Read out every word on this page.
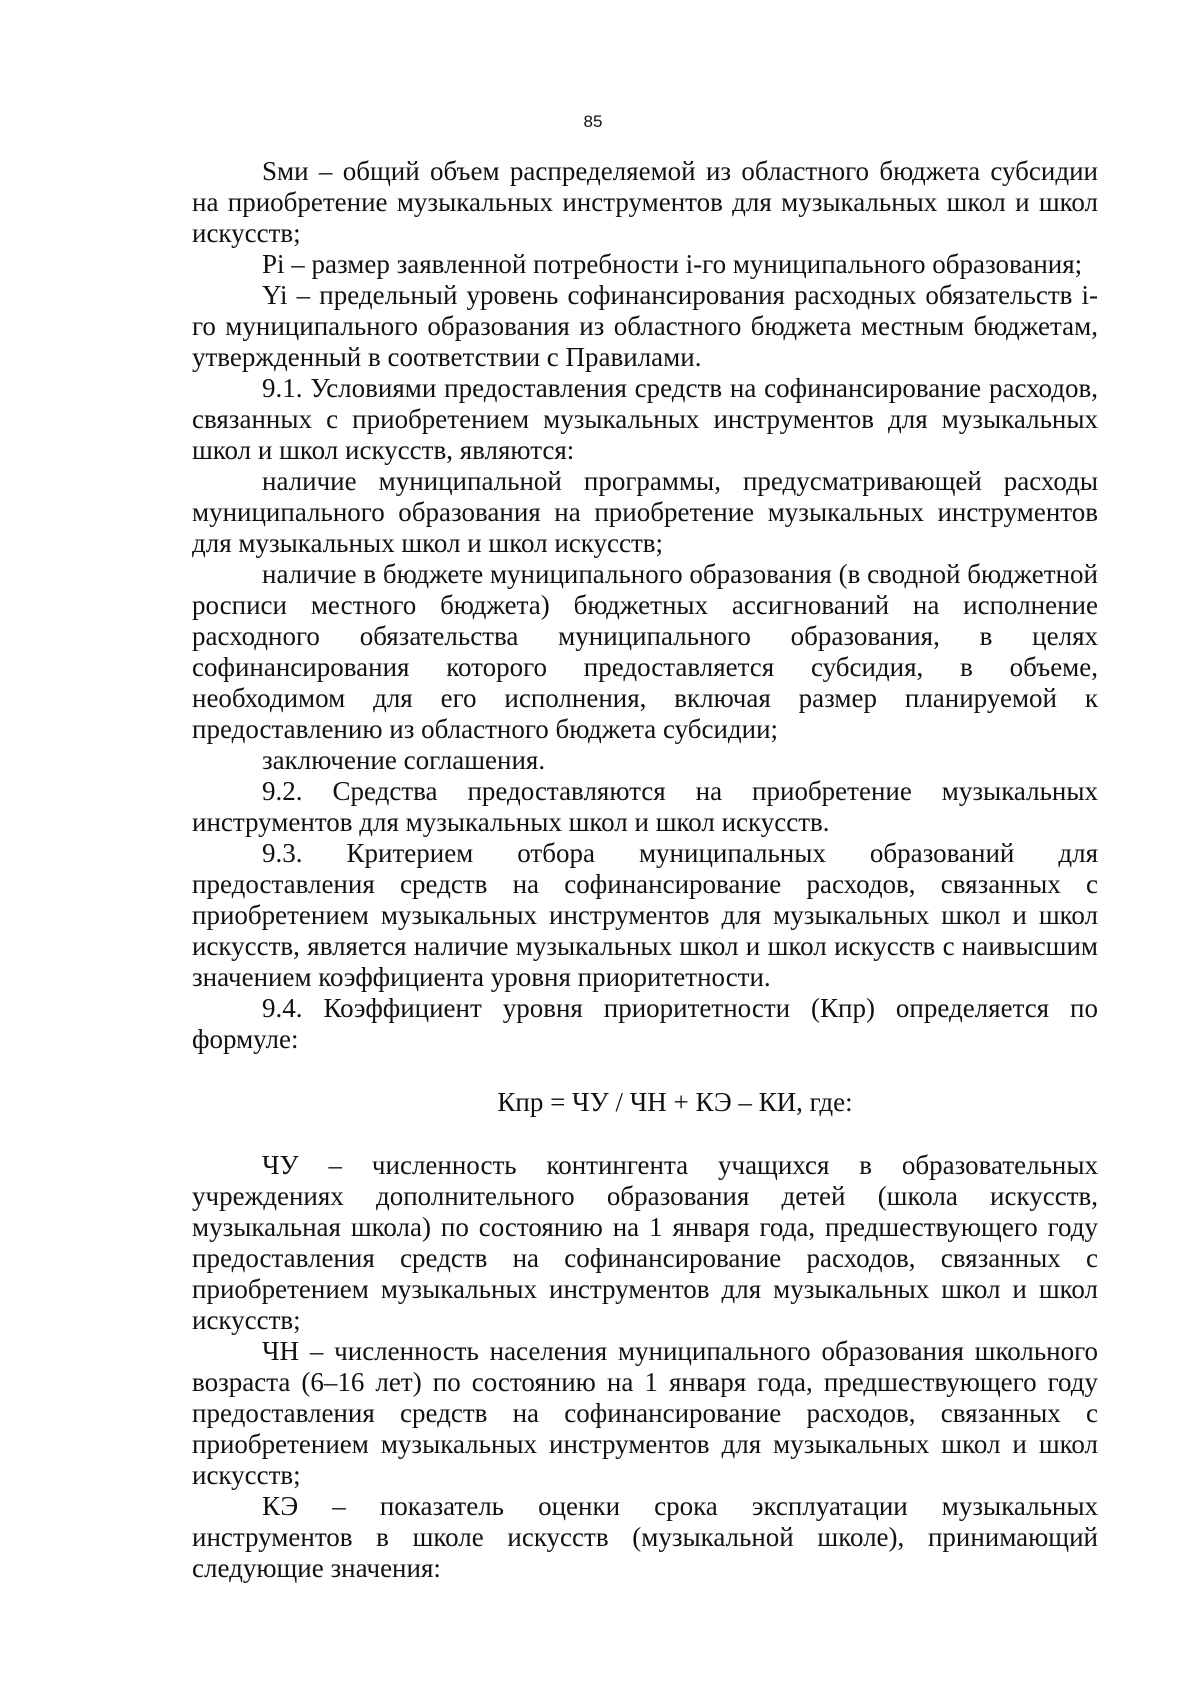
85

Sми – общий объем распределяемой из областного бюджета субсидии на приобретение музыкальных инструментов для музыкальных школ и школ искусств;

Pi – размер заявленной потребности i-го муниципального образования;

Yi – предельный уровень софинансирования расходных обязательств i-го муниципального образования из областного бюджета местным бюджетам, утвержденный в соответствии с Правилами.

9.1. Условиями предоставления средств на софинансирование расходов, связанных с приобретением музыкальных инструментов для музыкальных школ и школ искусств, являются:

наличие муниципальной программы, предусматривающей расходы муниципального образования на приобретение музыкальных инструментов для музыкальных школ и школ искусств;

наличие в бюджете муниципального образования (в сводной бюджетной росписи местного бюджета) бюджетных ассигнований на исполнение расходного обязательства муниципального образования, в целях софинансирования которого предоставляется субсидия, в объеме, необходимом для его исполнения, включая размер планируемой к предоставлению из областного бюджета субсидии;

заключение соглашения.

9.2. Средства предоставляются на приобретение музыкальных инструментов для музыкальных школ и школ искусств.

9.3. Критерием отбора муниципальных образований для предоставления средств на софинансирование расходов, связанных с приобретением музыкальных инструментов для музыкальных школ и школ искусств, является наличие музыкальных школ и школ искусств с наивысшим значением коэффициента уровня приоритетности.

9.4. Коэффициент уровня приоритетности (Кпр) определяется по формуле:

Кпр = ЧУ / ЧН + КЭ – КИ, где:

ЧУ – численность контингента учащихся в образовательных учреждениях дополнительного образования детей (школа искусств, музыкальная школа) по состоянию на 1 января года, предшествующего году предоставления средств на софинансирование расходов, связанных с приобретением музыкальных инструментов для музыкальных школ и школ искусств;

ЧН – численность населения муниципального образования школьного возраста (6–16 лет) по состоянию на 1 января года, предшествующего году предоставления средств на софинансирование расходов, связанных с приобретением музыкальных инструментов для музыкальных школ и школ искусств;

КЭ – показатель оценки срока эксплуатации музыкальных инструментов в школе искусств (музыкальной школе), принимающий следующие значения:
